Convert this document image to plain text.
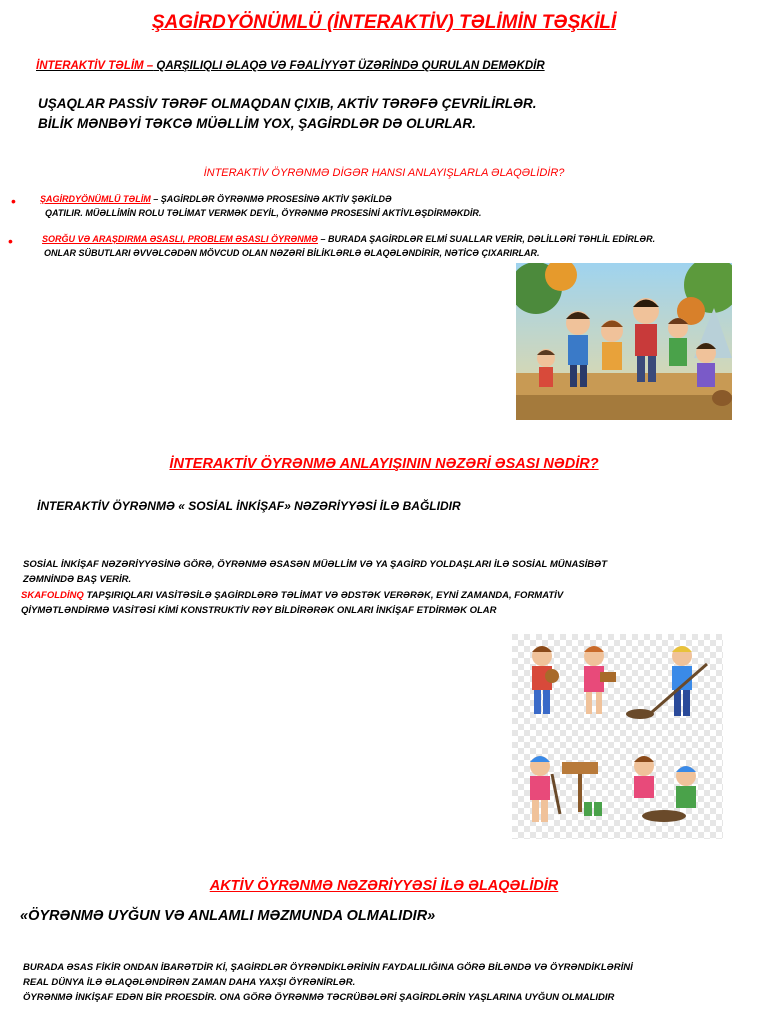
ŞAGİRDYÖNÜMLÜ (İNTERAKTİV) TƏLİMİN TƏŞKİLİ
İNTERAKTİV TƏLİM – QARŞILIQLI ƏLAQƏ VƏ FƏALİYYƏT ÜZƏRİNDƏ QURULAN DEMƏKDİR
UŞAQLAR PASSİV TƏRƏF OLMAQDAN ÇIXIB, AKTİV TƏRƏFƏ ÇEVRİLİRLƏR.
BİLİK MƏNBƏYİ TƏKCƏ MÜƏLLİM YOX, ŞAGİRDLƏR DƏ OLURLAR.
İNTERAKTİV ÖYRƏNMƏ DİGƏR HANSI ANLAYIŞLARLA ƏLAQƏLİDİR?
•	ŞAGİRDYÖNÜMLÜ TƏLİM – ŞAGİRDLƏR ÖYRƏNMƏ PROSESİNƏ AKTİV ŞƏKİLDƏ
QATILIR. MÜƏLLİMİN ROLU TƏLİMAT VERMƏK DEYİL, ÖYRƏNMƏ PROSESİNİ AKTİVLƏŞDİRMƏKDİR.
•	SORĞU VƏ ARAŞDIRMA ƏSASLI, PROBLEM ƏSASLI ÖYRƏNMƏ – BURADA ŞAGİRDLƏR ELMİ SUALLAR VERİR, DƏLİLLƏRİ TƏHLİL EDİRLƏR.
ONLAR SÜBUTLARI ƏVVƏLCƏDƏN MÖVCUD OLAN NƏZƏRİ BİLİKLƏRLƏ ƏLAQƏLƏNDİRİR, NƏTİCƏ ÇIXARIRLAR.
İNTERAKTİV ÖYRƏNMƏ ANLAYIŞININ NƏZƏRİ ƏSASI NƏDİR?
İNTERAKTİV ÖYRƏNMƏ « SOSİAL İNKİŞAF» NƏZƏRİYYƏSİ İLƏ BAĞLIDIR
SOSİAL İNKİŞAF NƏZƏRİYYƏSİNƏ GÖRƏ, ÖYRƏNMƏ ƏSASƏN MÜƏLLİM VƏ YA ŞAGİRD YOLDAŞLARI İLƏ SOSİAL MÜNASİBƏT
ZƏMNİNDƏ BAŞ VERİR.
SKAFOLDİNQ TAPŞIRIQLARI VASİTƏSİLƏ ŞAGİRDLƏRƏ TƏLİMAT VƏ ƏDSTƏK VERƏRƏK, EYNİ ZAMANDA, FORMATİV
QİYMƏTLƏNDİRMƏ VASİTƏSİ KİMİ KONSTRUKTİV RƏY BİLDİRƏRƏK ONLARI İNKİŞAF ETDİRMƏK OLAR
AKTİV ÖYRƏNMƏ NƏZƏRİYYƏSİ İLƏ ƏLAQƏLİDİR
«ÖYRƏNMƏ UYĞUN VƏ ANLAMLI MƏZMUNDA OLMALIDIR»
BURADA ƏSAS FİKİR ONDAN İBARƏTDİR Kİ, ŞAGİRDLƏR ÖYRƏNDİKLƏRİNİN FAYDALILIĞINA GÖRƏ BİLƏNDƏ VƏ ÖYRƏNDİKLƏRİNİ
REAL DÜNYA İLƏ ƏLAQƏLƏNDİRƏN ZAMAN DAHA YAXŞI ÖYRƏNİRLƏR.
ÖYRƏNMƏ İNKİŞAF EDƏN BİR PROESDİR. ONA GÖRƏ ÖYRƏNMƏ TƏCRÜBƏLƏRİ ŞAGİRDLƏRİN YAŞLARINA UYĞUN OLMALIDIR
